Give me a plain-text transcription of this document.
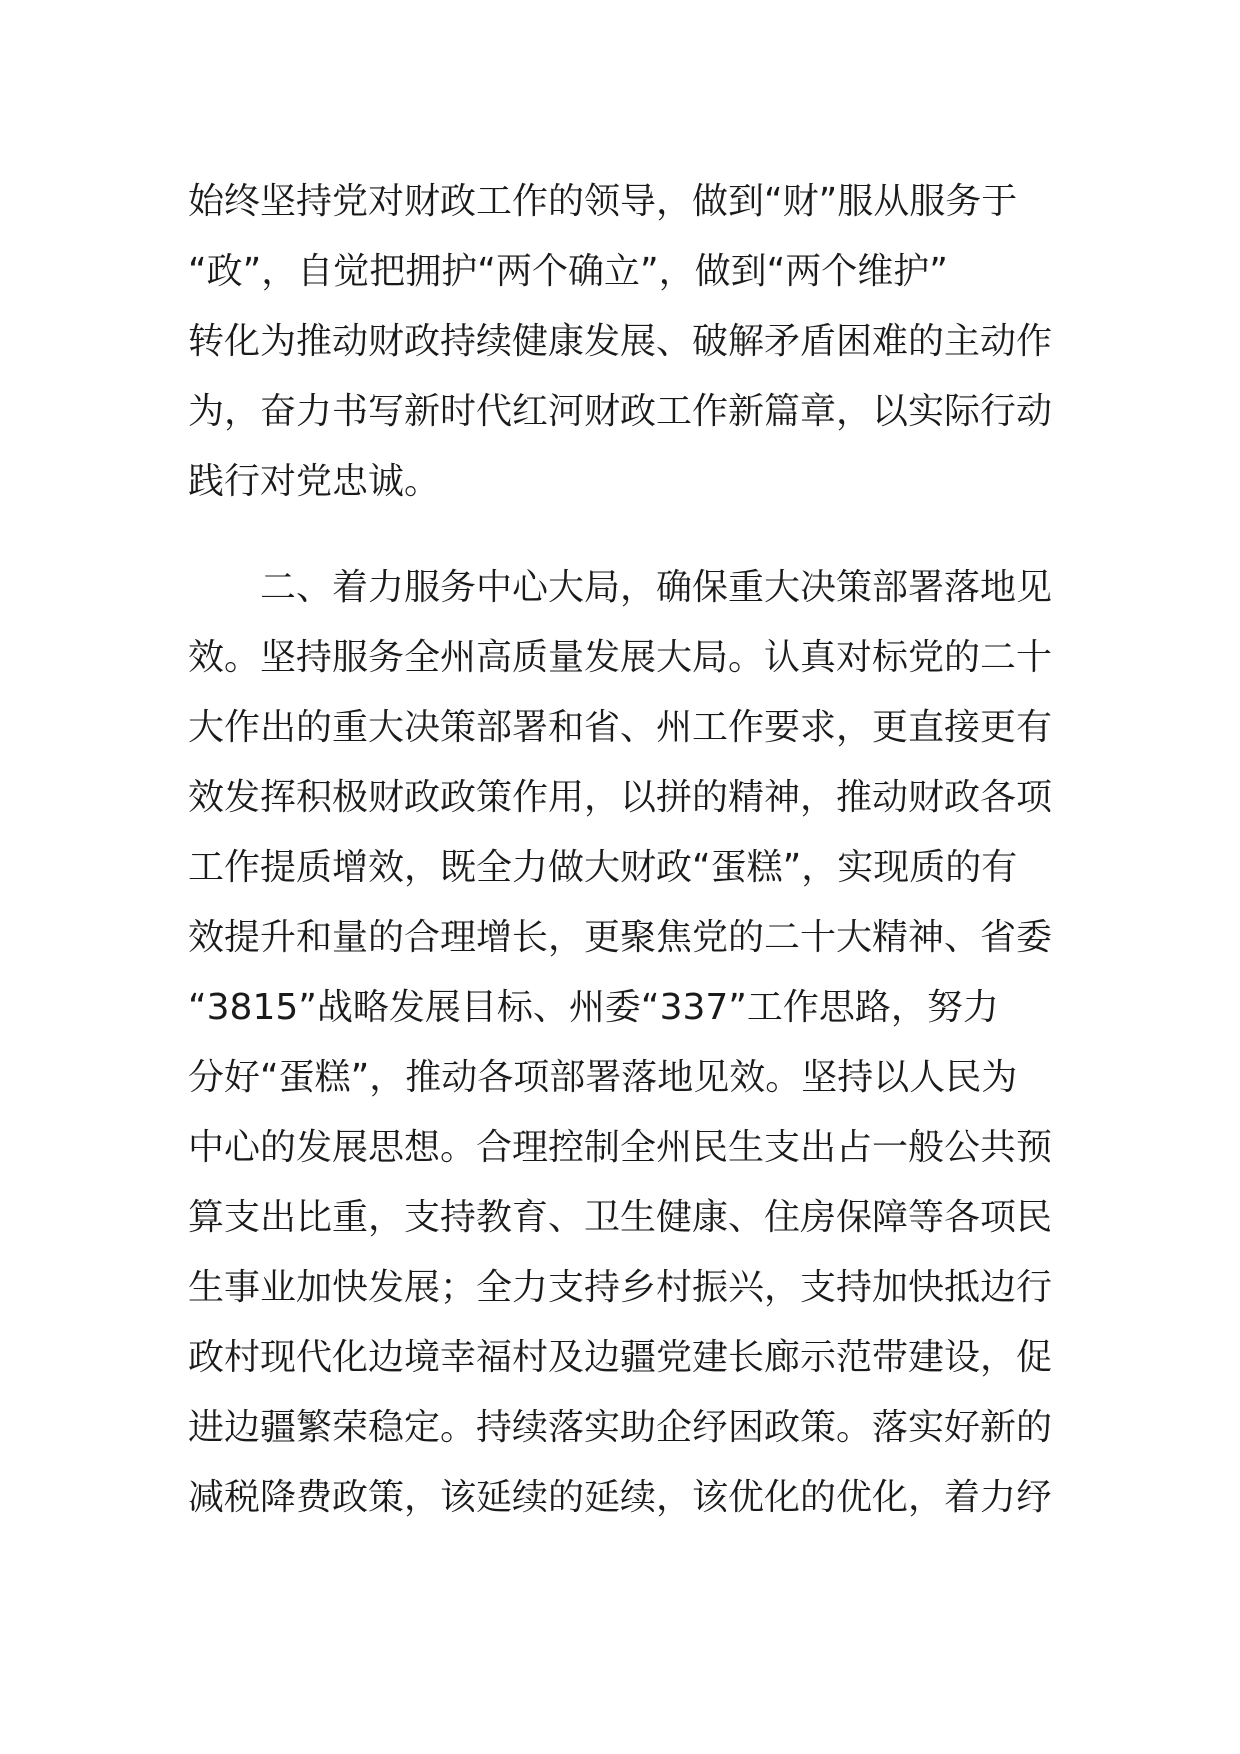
始终坚持党对财政工作的领导，做到“财”服从服务于
“政”，自觉把拥护“两个确立”，做到“两个维护”
转化为推动财政持续健康发展、破解矛盾困难的主动作
为，奋力书写新时代红河财政工作新篇章，以实际行动
践行对党忠诚。
二、着力服务中心大局，确保重大决策部署落地见
效。坚持服务全州高质量发展大局。认真对标党的二十
大作出的重大决策部署和省、州工作要求，更直接更有
效发挥积极财政政策作用，以拼的精神，推动财政各项
工作提质增效，既全力做大财政“蛋糕”，实现质的有
效提升和量的合理增长，更聚焦党的二十大精神、省委
“3815”战略发展目标、州委“337”工作思路，努力
分好“蛋糕”，推动各项部署落地见效。坚持以人民为
中心的发展思想。合理控制全州民生支出占一般公共预
算支出比重，支持教育、卫生健康、住房保障等各项民
生事业加快发展；全力支持乡村振兴，支持加快抵边行
政村现代化边境幸福村及边疆党建长廊示范带建设，促
进边疆繁荣稳定。持续落实助企纾困政策。落实好新的
减税降费政策，该延续的延续，该优化的优化，着力纾
